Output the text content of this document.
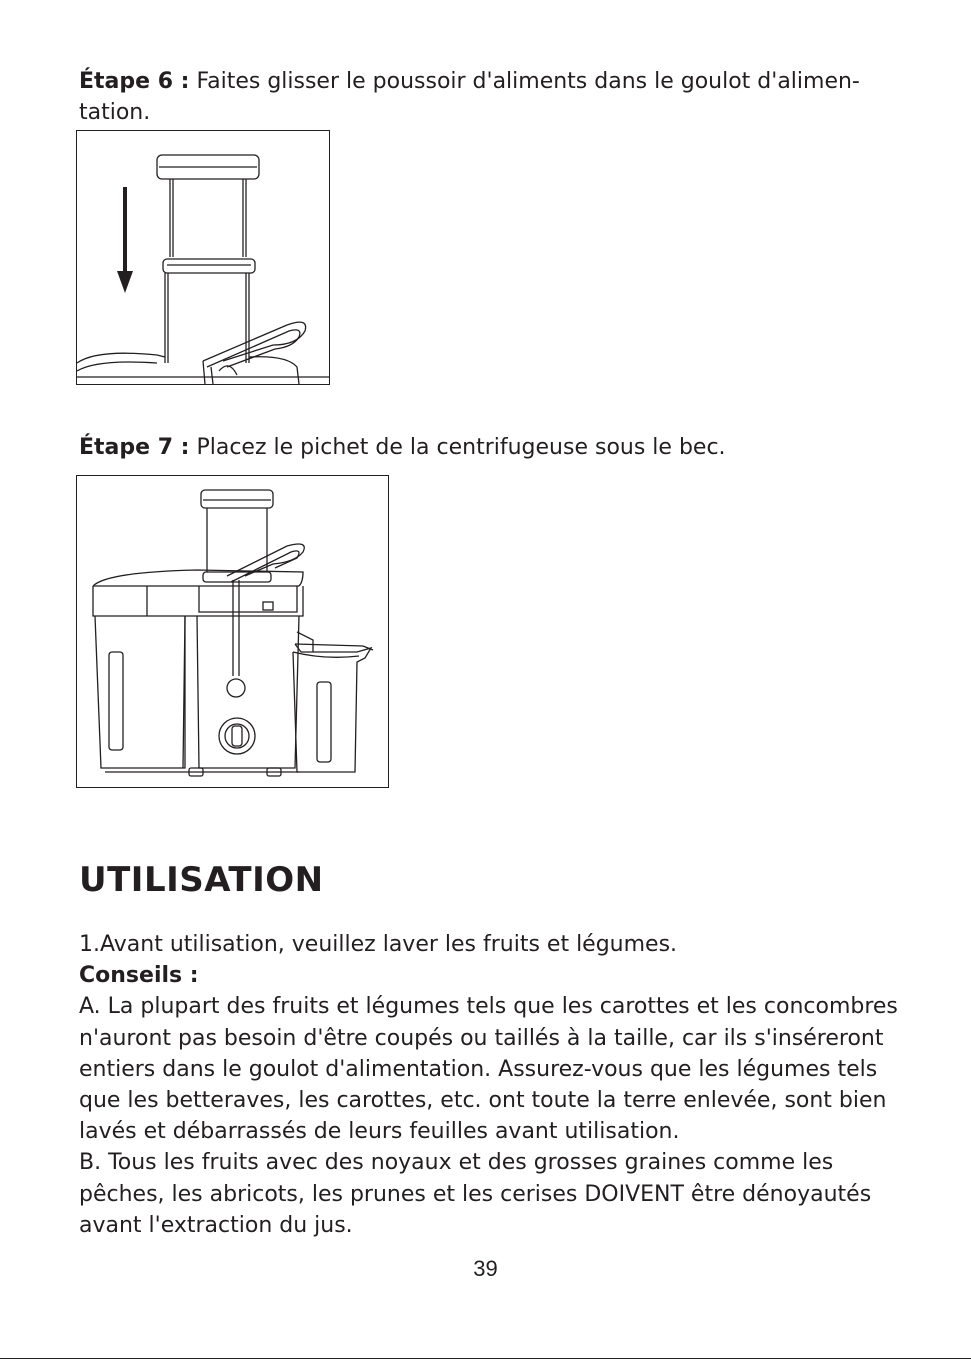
Étape 6 : Faites glisser le poussoir d'aliments dans le goulot d'alimen-tation.

Étape 7 : Placez le pichet de la centrifugeuse sous le bec.

UTILISATION

1.Avant utilisation, veuillez laver les fruits et légumes.

Conseils :

A. La plupart des fruits et légumes tels que les carottes et les concombres n'auront pas besoin d'être coupés ou taillés à la taille, car ils s'inséreront entiers dans le goulot d'alimentation. Assurez-vous que les légumes tels que les betteraves, les carottes, etc. ont toute la terre enlevée, sont bien lavés et débarrassés de leurs feuilles avant utilisation.

B. Tous les fruits avec des noyaux et des grosses graines comme les pêches, les abricots, les prunes et les cerises DOIVENT être dénoyautés avant l'extraction du jus.

39
